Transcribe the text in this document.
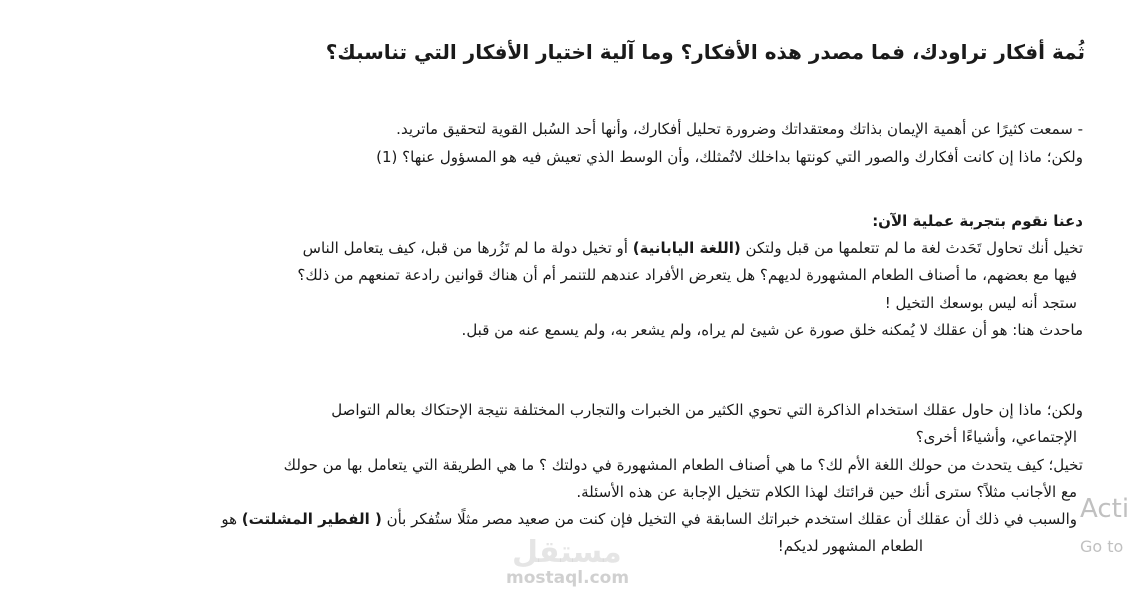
ثُمة أفكار تراودك، فما مصدر هذه الأفكار؟ وما آلية اختيار الأفكار التي تناسبك؟

- سمعت كثيرًا عن أهمية الإيمان بذاتك ومعتقداتك وضرورة تحليل أفكارك، وأنها أحد السُبل القوية لتحقيق ماتريد.

ولكن؛ ماذا إن كانت أفكارك والصور التي كونتها بداخلك لاتُمثلك، وأن الوسط الذي تعيش فيه هو المسؤول عنها؟ (1)

دعنا نقوم بتجربة عملية الآن:

تخيل أنك تحاول تَحَدث لغة ما لم تتعلمها من قبل ولتكن (اللغة اليابانية) أو تخيل دولة ما لم تَزُرها من قبل، كيف يتعامل الناس

فيها مع بعضهم، ما أصناف الطعام المشهورة لديهم؟ هل يتعرض الأفراد عندهم للتنمر أم أن هناك قوانين رادعة تمنعهم من ذلك؟

ستجد أنه ليس بوسعك التخيل !

ماحدث هنا: هو أن عقلك لا يُمكنه خلق صورة عن شيئ لم يراه، ولم يشعر به، ولم يسمع عنه من قبل.

ولكن؛ ماذا إن حاول عقلك استخدام الذاكرة التي تحوي الكثير من الخبرات والتجارب المختلفة نتيجة الإحتكاك بعالم التواصل

الإجتماعي، وأشياءًا أخرى؟

تخيل؛ كيف يتحدث من حولك اللغة الأم لك؟ ما هي أصناف الطعام المشهورة في دولتك ؟ ما هي الطريقة التي يتعامل بها من حولك

مع الأجانب مثلاً؟ سترى أنك حين قرائتك لهذا الكلام تتخيل الإجابة عن هذه الأسئلة.

والسبب في ذلك أن عقلك أن عقلك استخدم خبراتك السابقة في التخيل فإن كنت من صعيد مصر مثلًا ستُفكر بأن ( الفطير المشلتت) هو

الطعام المشهور لديكم!

مستقل
mostaql.com
Acti
Go to
